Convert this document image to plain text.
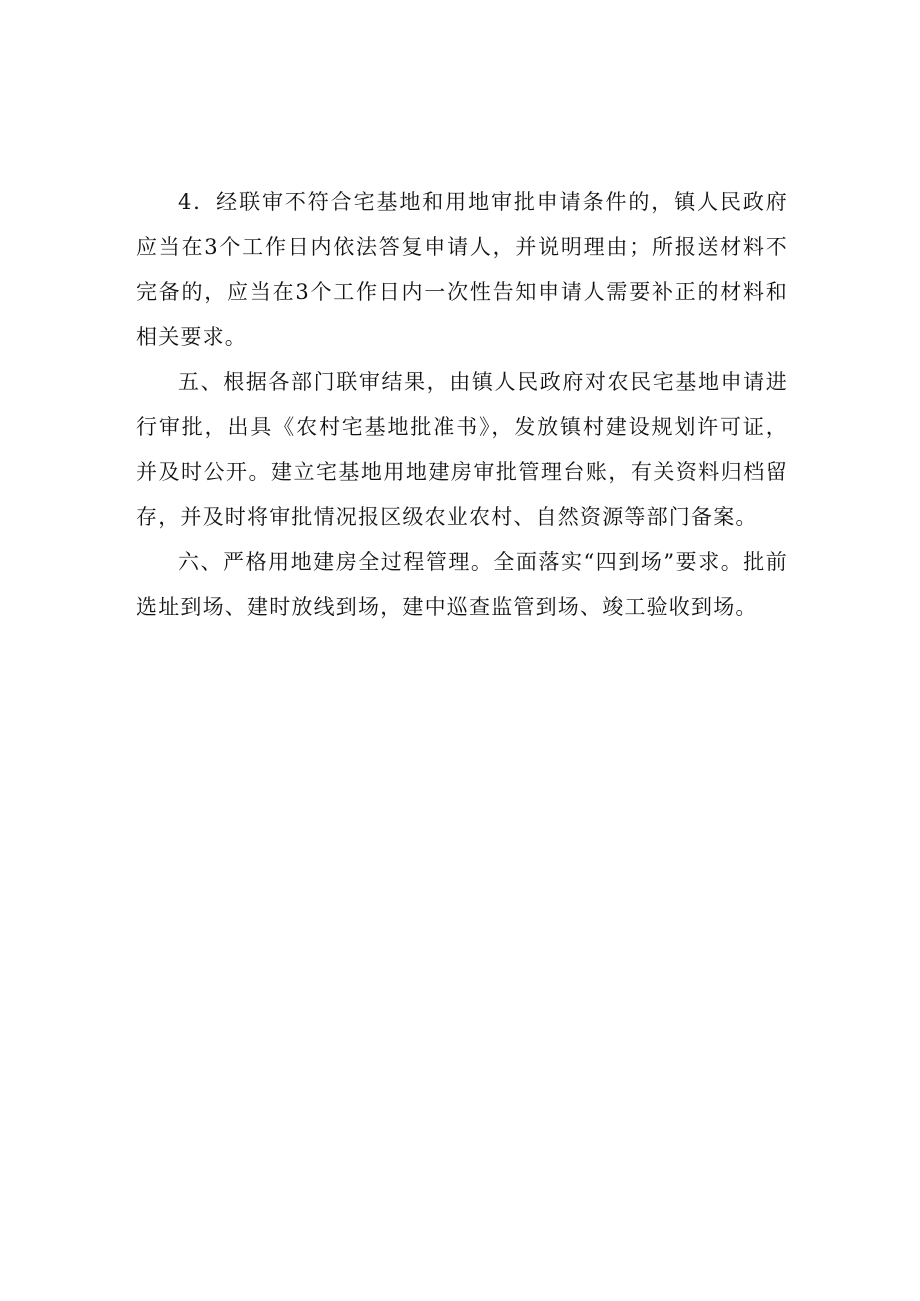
4．经联审不符合宅基地和用地审批申请条件的，镇人民政府应当在3个工作日内依法答复申请人，并说明理由；所报送材料不完备的，应当在3个工作日内一次性告知申请人需要补正的材料和相关要求。

五、根据各部门联审结果，由镇人民政府对农民宅基地申请进行审批，出具《农村宅基地批准书》，发放镇村建设规划许可证，并及时公开。建立宅基地用地建房审批管理台账，有关资料归档留存，并及时将审批情况报区级农业农村、自然资源等部门备案。

六、严格用地建房全过程管理。全面落实“四到场”要求。批前选址到场、建时放线到场，建中巡查监管到场、竣工验收到场。
